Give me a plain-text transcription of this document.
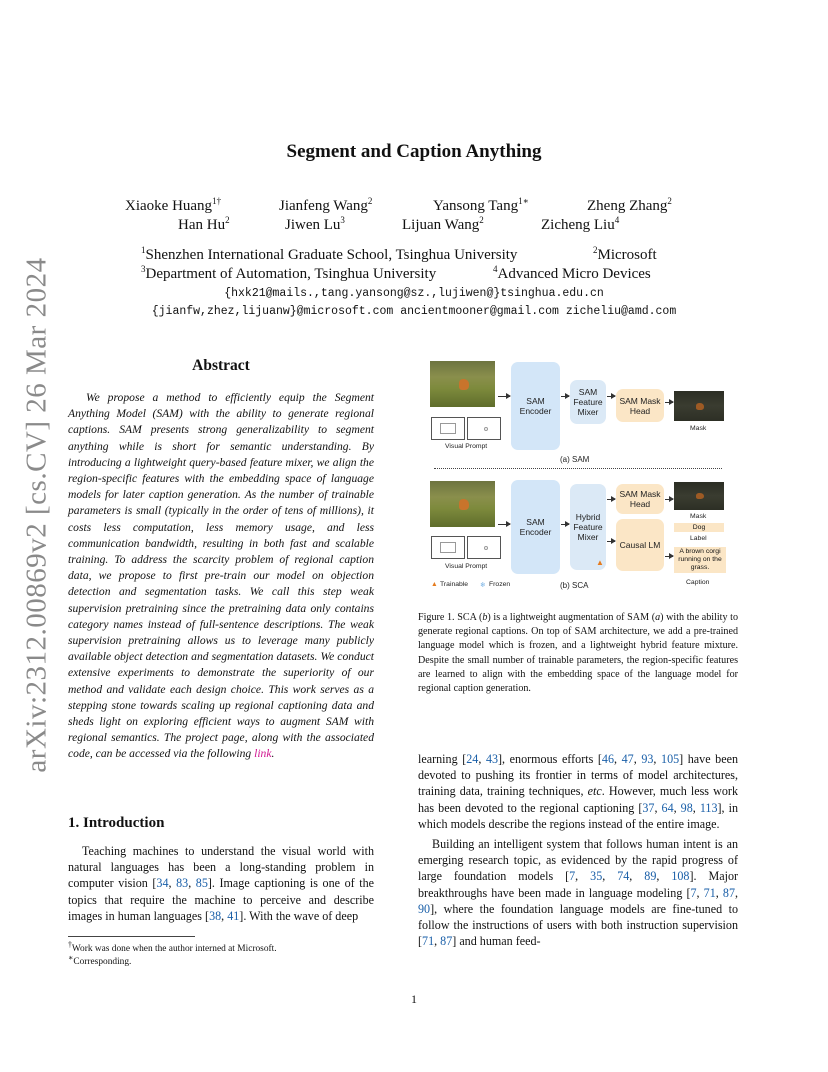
arXiv:2312.00869v2 [cs.CV] 26 Mar 2024
Segment and Caption Anything
Xiaoke Huang$^{1\dagger}$	Jianfeng Wang$^2$	Yansong Tang$^{1∗}$	Zheng Zhang$^2$
Han Hu$^2$	Jiwen Lu$^3$	Lijuan Wang$^2$	Zicheng Liu$^4$
$^1$Shenzhen International Graduate School, Tsinghua University	$^2$Microsoft
$^3$Department of Automation, Tsinghua University	$^4$Advanced Micro Devices
{hxk21@mails.,tang.yansong@sz.,lujiwen@}tsinghua.edu.cn
{jianfw,zhez,lijuanw}@microsoft.com ancientmooner@gmail.com zicheliu@amd.com
Abstract
We propose a method to efficiently equip the Segment Anything Model (SAM) with the ability to generate regional captions. SAM presents strong generalizability to segment anything while is short for semantic understanding. By introducing a lightweight query-based feature mixer, we align the region-specific features with the embedding space of language models for later caption generation. As the number of trainable parameters is small (typically in the order of tens of millions), it costs less computation, less memory usage, and less communication bandwidth, resulting in both fast and scalable training. To address the scarcity problem of regional caption data, we propose to first pre-train our model on objection detection and segmentation tasks. We call this step weak supervision pretraining since the pretraining data only contains category names instead of full-sentence descriptions. The weak supervision pretraining allows us to leverage many publicly available object detection and segmentation datasets. We conduct extensive experiments to demonstrate the superiority of our method and validate each design choice. This work serves as a stepping stone towards scaling up regional captioning data and sheds light on exploring efficient ways to augment SAM with regional semantics. The project page, along with the associated code, can be accessed via the following link.
1. Introduction
Teaching machines to understand the visual world with natural languages has been a long-standing problem in computer vision [34, 83, 85]. Image captioning is one of the topics that require the machine to perceive and describe images in human languages [38, 41]. With the wave of deep
learning [24, 43], enormous efforts [46, 47, 93, 105] have been devoted to pushing its frontier in terms of model architectures, training data, training techniques, etc. However, much less work has been devoted to the regional captioning [37, 64, 98, 113], in which models describe the regions instead of the entire image.
Building an intelligent system that follows human intent is an emerging research topic, as evidenced by the rapid progress of large foundation models [7, 35, 74, 89, 108]. Major breakthroughs have been made in language modeling [7, 71, 87, 90], where the foundation language models are fine-tuned to follow the instructions of users with both instruction supervision [71, 87] and human feed-
Visual Prompt
SAM Encoder
SAM Feature Mixer
SAM Mask Head
Mask
(a) SAM
Visual Prompt
SAM Encoder
Hybrid Feature Mixer
▲
SAM Mask Head
Causal LM
Mask
Dog
Label
A brown corgi running on the grass.
Caption
▲ Trainable ❄ Frozen	(b) SCA
Figure 1. SCA (b) is a lightweight augmentation of SAM (a) with the ability to generate regional captions. On top of SAM architecture, we add a pre-trained language model which is frozen, and a lightweight hybrid feature mixture. Despite the small number of trainable parameters, the region-specific features are learned to align with the embedding space of the language model for regional caption generation.
†Work was done when the author interned at Microsoft.
∗Corresponding.
1
